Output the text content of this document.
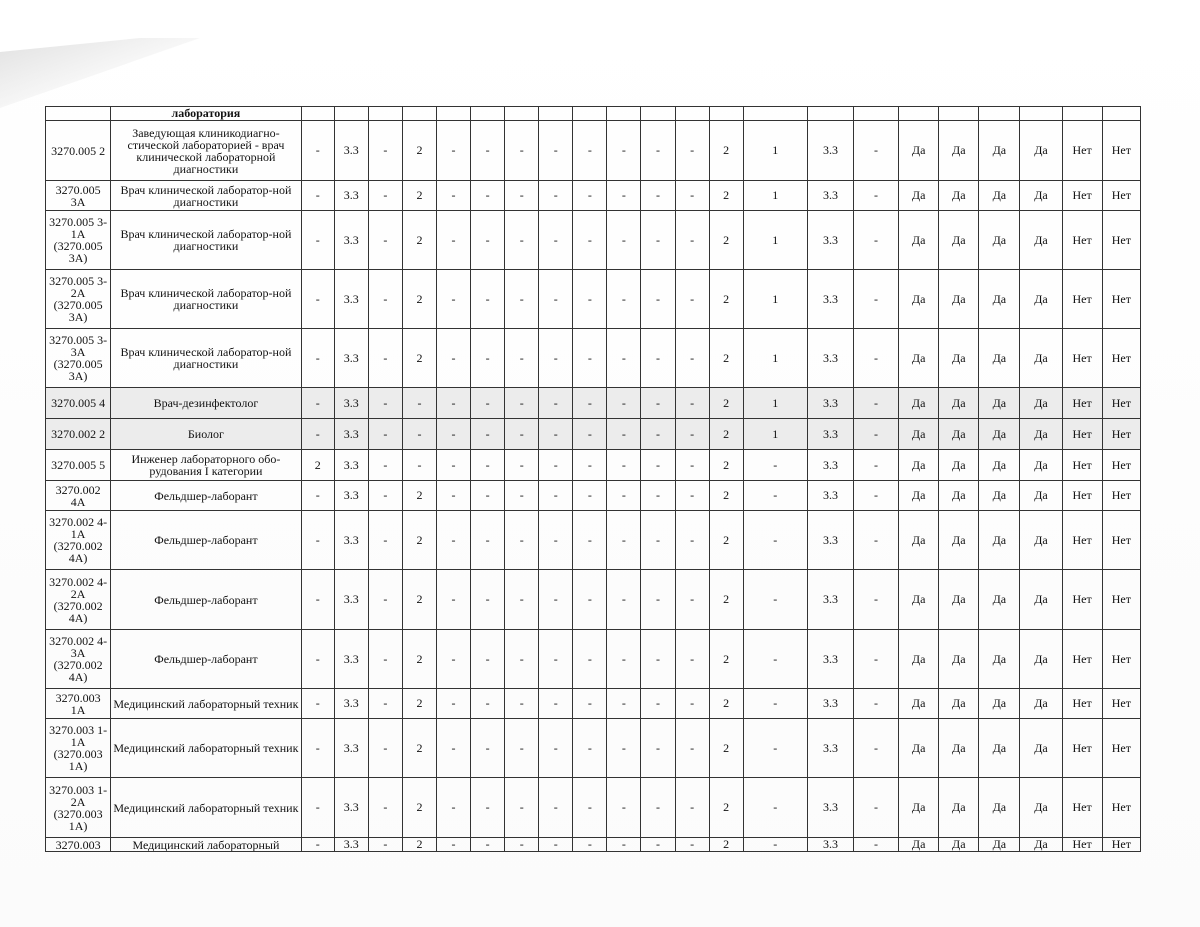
	лаборатория																						
3270.005 2	Заведующая клиникодиагно-стической лабораторией - врач клинической лабораторной диагностики	-	3.3	-	2	-	-	-	-	-	-	-	-	2	1	3.3	-	Да	Да	Да	Да	Нет	Нет
3270.005 3А	Врач клинической лаборатор-ной диагностики	-	3.3	-	2	-	-	-	-	-	-	-	-	2	1	3.3	-	Да	Да	Да	Да	Нет	Нет
3270.005 3-1А (3270.005 3А)	Врач клинической лаборатор-ной диагностики	-	3.3	-	2	-	-	-	-	-	-	-	-	2	1	3.3	-	Да	Да	Да	Да	Нет	Нет
3270.005 3-2А (3270.005 3А)	Врач клинической лаборатор-ной диагностики	-	3.3	-	2	-	-	-	-	-	-	-	-	2	1	3.3	-	Да	Да	Да	Да	Нет	Нет
3270.005 3-3А (3270.005 3А)	Врач клинической лаборатор-ной диагностики	-	3.3	-	2	-	-	-	-	-	-	-	-	2	1	3.3	-	Да	Да	Да	Да	Нет	Нет
3270.005 4	Врач-дезинфектолог	-	3.3	-	-	-	-	-	-	-	-	-	-	2	1	3.3	-	Да	Да	Да	Да	Нет	Нет
3270.002 2	Биолог	-	3.3	-	-	-	-	-	-	-	-	-	-	2	1	3.3	-	Да	Да	Да	Да	Нет	Нет
3270.005 5	Инженер лабораторного обо-рудования I категории	2	3.3	-	-	-	-	-	-	-	-	-	-	2	-	3.3	-	Да	Да	Да	Да	Нет	Нет
3270.002 4А	Фельдшер-лаборант	-	3.3	-	2	-	-	-	-	-	-	-	-	2	-	3.3	-	Да	Да	Да	Да	Нет	Нет
3270.002 4-1А (3270.002 4А)	Фельдшер-лаборант	-	3.3	-	2	-	-	-	-	-	-	-	-	2	-	3.3	-	Да	Да	Да	Да	Нет	Нет
3270.002 4-2А (3270.002 4А)	Фельдшер-лаборант	-	3.3	-	2	-	-	-	-	-	-	-	-	2	-	3.3	-	Да	Да	Да	Да	Нет	Нет
3270.002 4-3А (3270.002 4А)	Фельдшер-лаборант	-	3.3	-	2	-	-	-	-	-	-	-	-	2	-	3.3	-	Да	Да	Да	Да	Нет	Нет
3270.003 1А	Медицинский лабораторный техник	-	3.3	-	2	-	-	-	-	-	-	-	-	2	-	3.3	-	Да	Да	Да	Да	Нет	Нет
3270.003 1-1А (3270.003 1А)	Медицинский лабораторный техник	-	3.3	-	2	-	-	-	-	-	-	-	-	2	-	3.3	-	Да	Да	Да	Да	Нет	Нет
3270.003 1-2А (3270.003 1А)	Медицинский лабораторный техник	-	3.3	-	2	-	-	-	-	-	-	-	-	2	-	3.3	-	Да	Да	Да	Да	Нет	Нет
3270.003	Медицинский лабораторный	-	3.3	-	2	-	-	-	-	-	-	-	-	2	-	3.3	-	Да	Да	Да	Да	Нет	Нет
